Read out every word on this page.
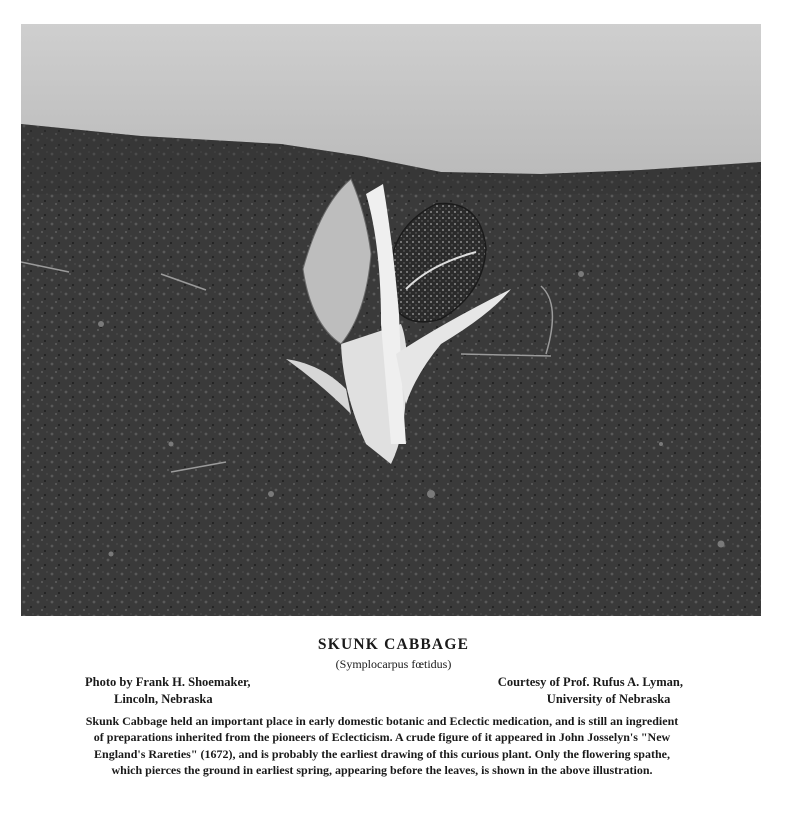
SKUNK CABBAGE
(Symplocarpus fœtidus)
Photo by Frank H. Shoemaker,
Lincoln, Nebraska
Courtesy of Prof. Rufus A. Lyman,
University of Nebraska
Skunk Cabbage held an important place in early domestic botanic and Eclectic medication, and is still an ingredient of preparations inherited from the pioneers of Eclecticism. A crude figure of it appeared in John Josselyn's "New England's Rareties" (1672), and is probably the earliest drawing of this curious plant. Only the flowering spathe, which pierces the ground in earliest spring, appearing before the leaves, is shown in the above illustration.
